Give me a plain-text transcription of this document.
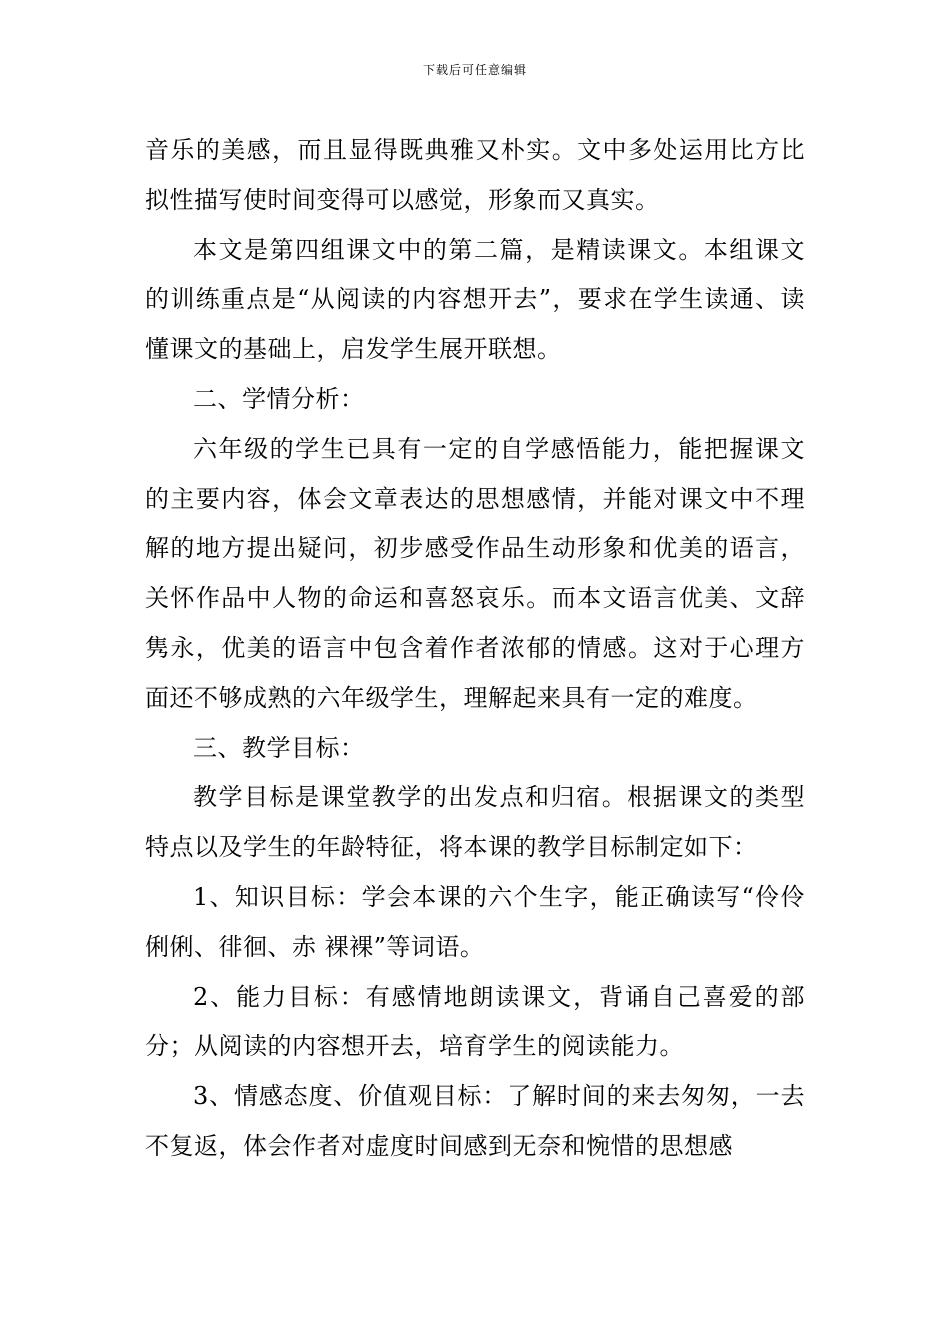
下载后可任意编辑

音乐的美感，而且显得既典雅又朴实。文中多处运用比方比拟性描写使时间变得可以感觉，形象而又真实。

本文是第四组课文中的第二篇，是精读课文。本组课文的训练重点是“从阅读的内容想开去”，要求在学生读通、读懂课文的基础上，启发学生展开联想。

二、学情分析：

六年级的学生已具有一定的自学感悟能力，能把握课文的主要内容，体会文章表达的思想感情，并能对课文中不理解的地方提出疑问，初步感受作品生动形象和优美的语言，关怀作品中人物的命运和喜怒哀乐。而本文语言优美、文辞隽永，优美的语言中包含着作者浓郁的情感。这对于心理方面还不够成熟的六年级学生，理解起来具有一定的难度。

三、教学目标：

教学目标是课堂教学的出发点和归宿。根据课文的类型特点以及学生的年龄特征，将本课的教学目标制定如下：

1、知识目标：学会本课的六个生字，能正确读写“伶伶俐俐、徘徊、赤 裸裸”等词语。

2、能力目标：有感情地朗读课文，背诵自己喜爱的部分；从阅读的内容想开去，培育学生的阅读能力。

3、情感态度、价值观目标：了解时间的来去匆匆，一去不复返，体会作者对虚度时间感到无奈和惋惜的思想感
